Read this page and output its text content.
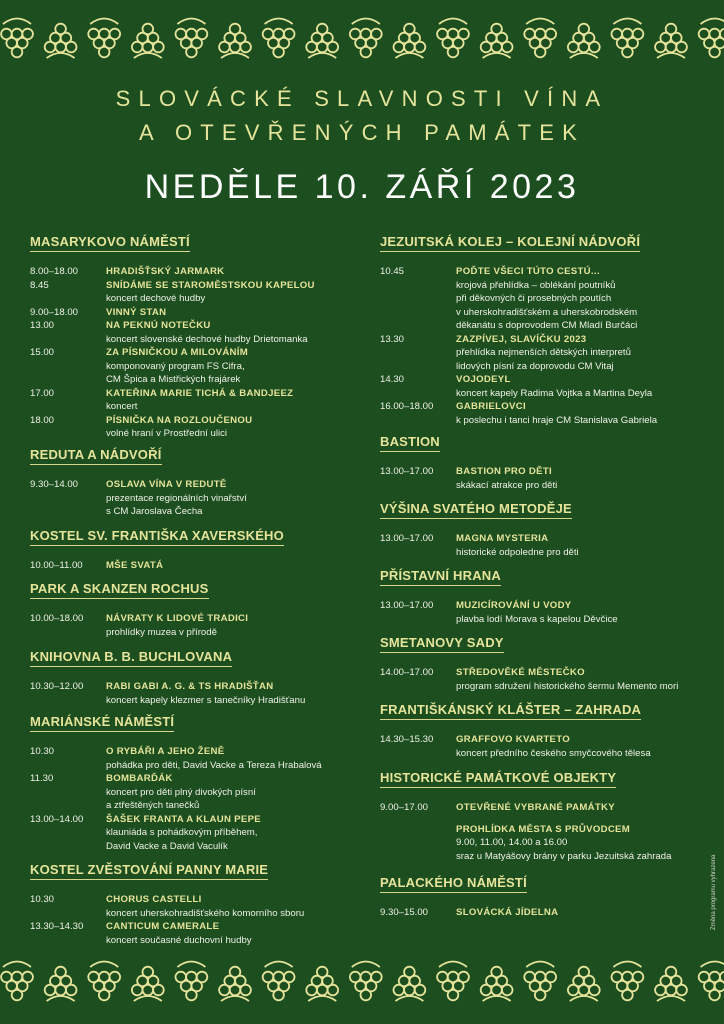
SLOVÁCKÉ SLAVNOSTI VÍNA
A OTEVŘENÝCH PAMÁTEK
NEDĚLE 10. ZÁŘÍ 2023
MASARYKOVO NÁMĚSTÍ
8.00–18.00	HRADIŠŤSKÝ JARMARK
8.45	SNÍDÁME SE STAROMĚSTSKOU KAPELOU
koncert dechové hudby
9.00–18.00	VINNÝ STAN
13.00	NA PEKNÚ NOTEČKU
koncert slovenské dechové hudby Drietomanka
15.00	ZA PÍSNIČKOU A MILOVÁNÍM
komponovaný program FS Cifra,
CM Špica a Mistřických frajárek
17.00	KATEŘINA MARIE TICHÁ & BANDJEEZ
koncert
18.00	PÍSNIČKA NA ROZLOUČENOU
volné hraní v Prostřední ulici
REDUTA A NÁDVOŘÍ
9.30–14.00	OSLAVA VÍNA V REDUTĚ
prezentace regionálních vinařství
s CM Jaroslava Čecha
KOSTEL SV. FRANTIŠKA XAVERSKÉHO
10.00–11.00	MŠE SVATÁ
PARK A SKANZEN ROCHUS
10.00–18.00	NÁVRATY K LIDOVÉ TRADICI
prohlídky muzea v přírodě
KNIHOVNA B. B. BUCHLOVANA
10.30–12.00	RABI GABI A. G. & TS HRADIŠŤAN
koncert kapely klezmer s tanečníky Hradišťanu
MARIÁNSKÉ NÁMĚSTÍ
10.30	O RYBÁŘI A JEHO ŽENĚ
pohádka pro děti, David Vacke a Tereza Hrabalová
11.30	BOMBARĎÁK
koncert pro děti plný divokých písní
a ztřeštěných tanečků
13.00–14.00	ŠAŠEK FRANTA A KLAUN PEPE
klauniáda s pohádkovým příběhem,
David Vacke a David Vaculík
KOSTEL ZVĚSTOVÁNÍ PANNY MARIE
10.30	CHORUS CASTELLI
koncert uherskohradišťského komorního sboru
13.30–14.30	CANTICUM CAMERALE
koncert současné duchovní hudby
JEZUITSKÁ KOLEJ – KOLEJNÍ NÁDVOŘÍ
10.45	POĎTE VŠECI TÚTO CESTÚ...
krojová přehlídka – oblékání poutníků
při děkovných či prosebných poutích
v uherskohradišťském a uherskobrodském
děkanátu s doprovodem CM Mladí Burčáci
13.30	ZAZPÍVEJ, SLAVÍČKU 2023
přehlídka nejmenších dětských interpretů
lidových písní za doprovodu CM Vitaj
14.30	VOJODEYL
koncert kapely Radima Vojtka a Martina Deyla
16.00–18.00	GABRIELOVCI
k poslechu i tanci hraje CM Stanislava Gabriela
BASTION
13.00–17.00	BASTION PRO DĚTI
skákací atrakce pro děti
VÝŠINA SVATÉHO METODĚJE
13.00–17.00	MAGNA MYSTERIA
historické odpoledne pro děti
PŘÍSTAVNÍ HRANA
13.00–17.00	MUZICÍROVÁNÍ U VODY
plavba lodí Morava s kapelou Děvčice
SMETANOVY SADY
14.00–17.00	STŘEDOVĚKÉ MĚSTEČKO
program sdružení historického šermu Memento mori
FRANTIŠKÁNSKÝ KLÁŠTER – ZAHRADA
14.30–15.30	GRAFFOVO KVARTETO
koncert předního českého smyčcového tělesa
HISTORICKÉ PAMÁTKOVÉ OBJEKTY
9.00–17.00	OTEVŘENÉ VYBRANÉ PAMÁTKY
PROHLÍDKA MĚSTA S PRŮVODCEM
9.00, 11.00, 14.00 a 16.00
sraz u Matyášovy brány v parku Jezuitská zahrada
PALACKÉHO NÁMĚSTÍ
9.30–15.00	SLOVÁCKÁ JÍDELNA	Změna programu vyhrazena
